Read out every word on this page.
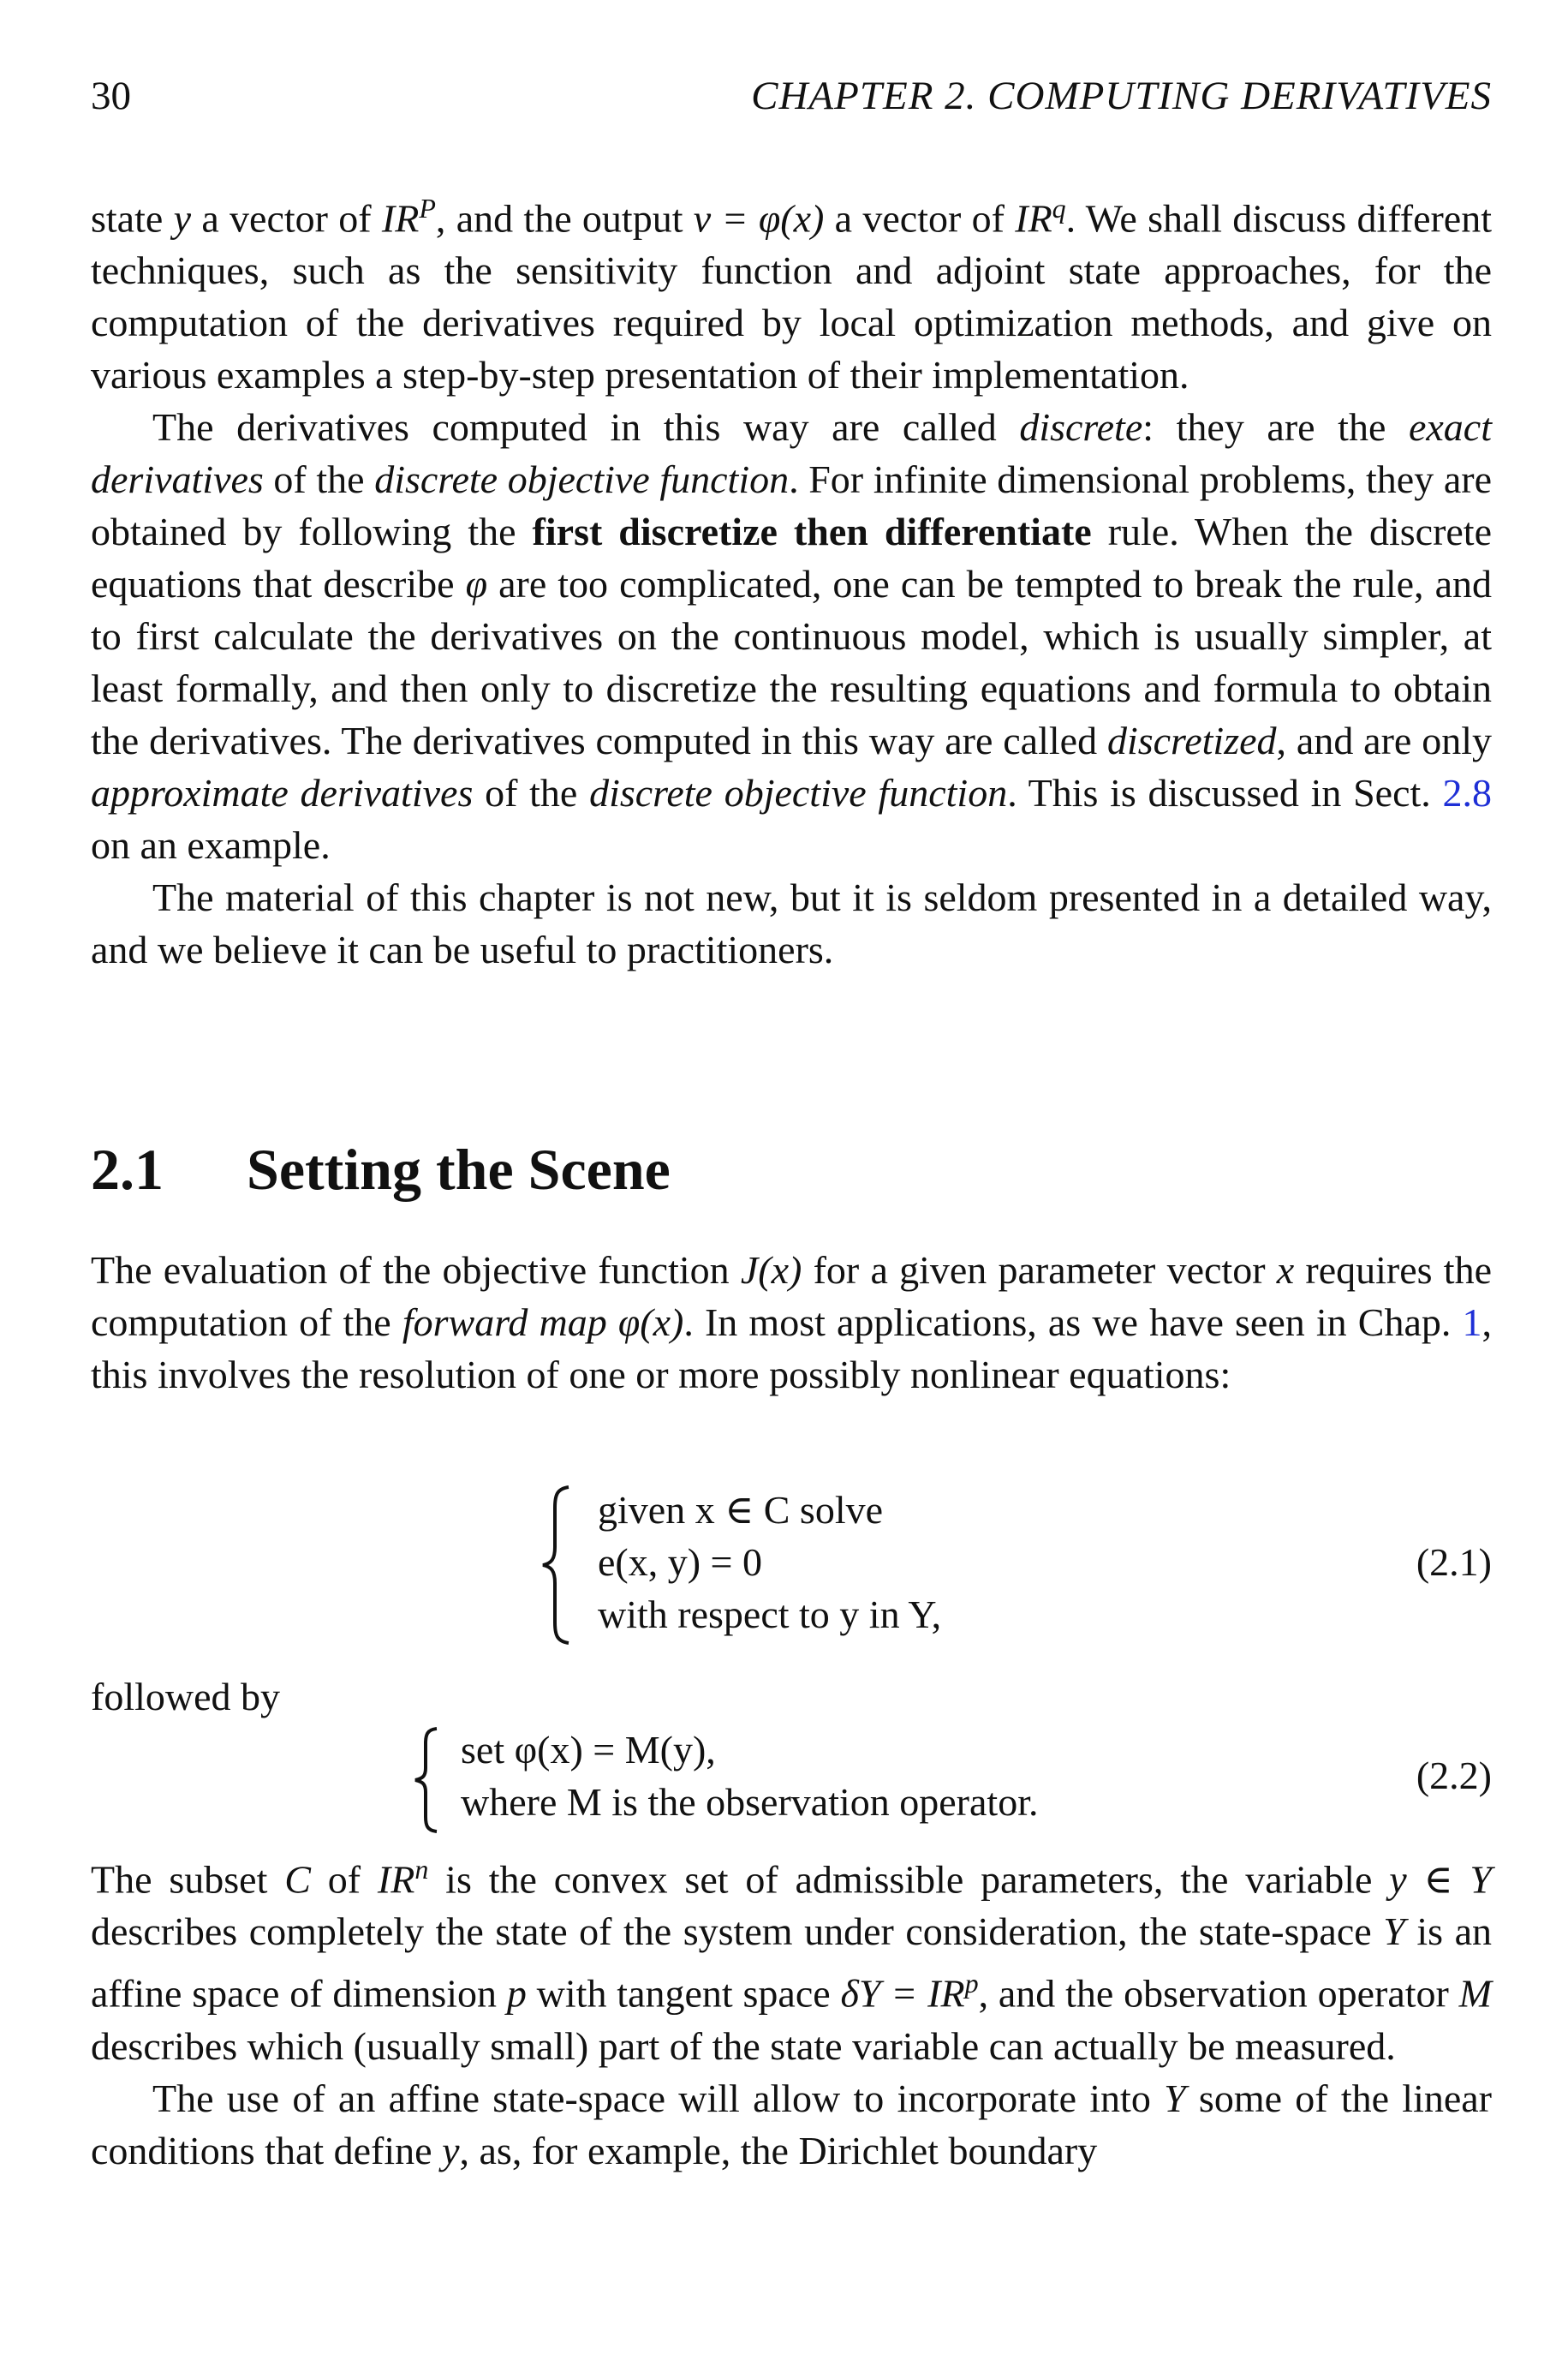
30	CHAPTER 2. COMPUTING DERIVATIVES

state y a vector of $IR^P$, and the output v = φ(x) a vector of $IR^q$. We shall discuss different techniques, such as the sensitivity function and adjoint state approaches, for the computation of the derivatives required by local optimization methods, and give on various examples a step-by-step presentation of their implementation.

The derivatives computed in this way are called discrete: they are the exact derivatives of the discrete objective function. For infinite dimensional problems, they are obtained by following the first discretize then differentiate rule. When the discrete equations that describe φ are too complicated, one can be tempted to break the rule, and to first calculate the derivatives on the continuous model, which is usually simpler, at least formally, and then only to discretize the resulting equations and formula to obtain the derivatives. The derivatives computed in this way are called discretized, and are only approximate derivatives of the discrete objective function. This is discussed in Sect. 2.8 on an example.

The material of this chapter is not new, but it is seldom presented in a detailed way, and we believe it can be useful to practitioners.

2.1 Setting the Scene

The evaluation of the objective function J(x) for a given parameter vector x requires the computation of the forward map φ(x). In most applications, as we have seen in Chap. 1, this involves the resolution of one or more possibly nonlinear equations:

given x ∈ C solve
e(x, y) = 0
with respect to y in Y,
(2.1)
followed by
set φ(x) = M(y),
where M is the observation operator.
(2.2)

The subset C of $IR^n$ is the convex set of admissible parameters, the variable y ∈ Y describes completely the state of the system under consideration, the state-space Y is an affine space of dimension p with tangent space $\delta Y = IR^p$, and the observation operator M describes which (usually small) part of the state variable can actually be measured.

The use of an affine state-space will allow to incorporate into Y some of the linear conditions that define y, as, for example, the Dirichlet boundary
